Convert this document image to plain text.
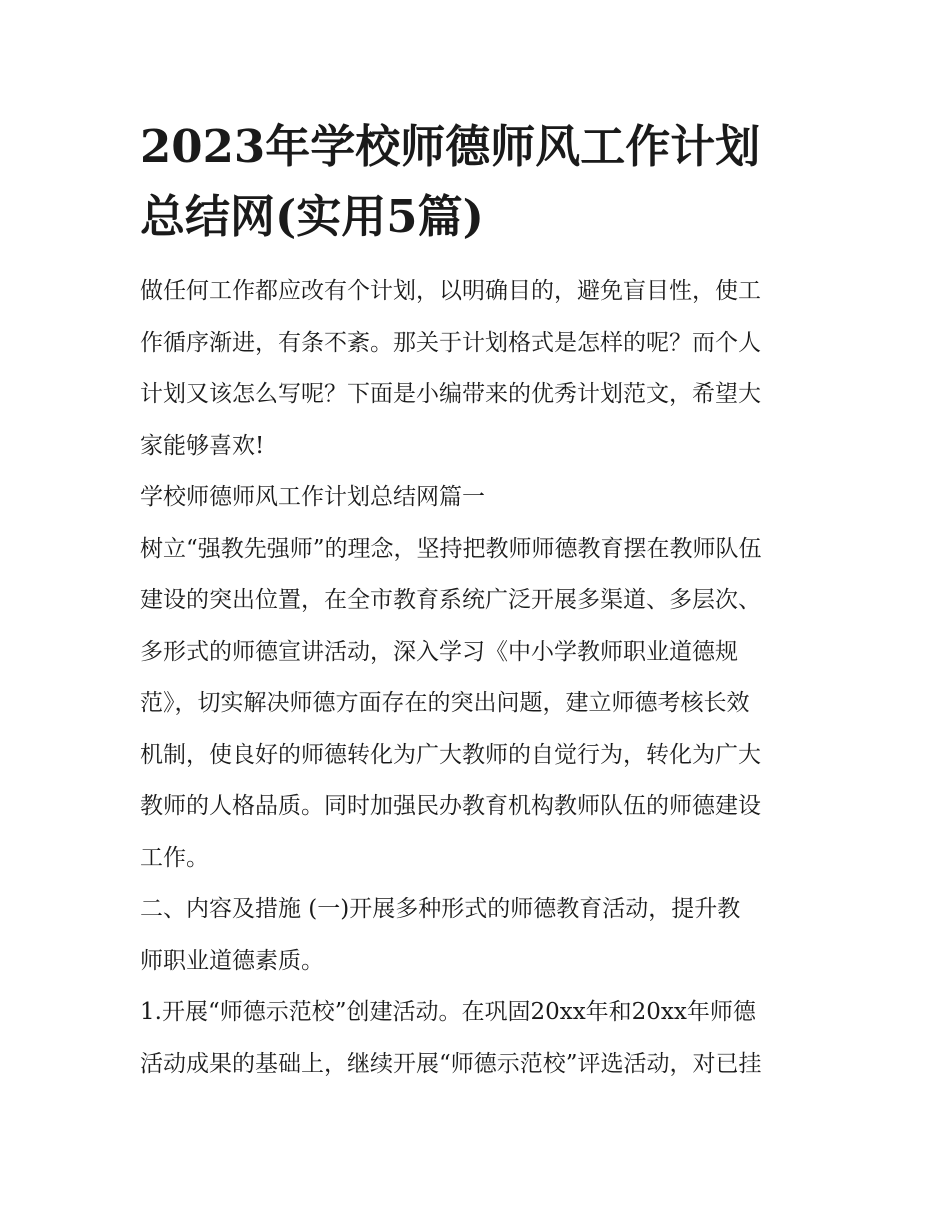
2023年学校师德师风工作计划
总结网(实用5篇)
做任何工作都应改有个计划，以明确目的，避免盲目性，使工
作循序渐进，有条不紊。那关于计划格式是怎样的呢？而个人
计划又该怎么写呢？下面是小编带来的优秀计划范文，希望大
家能够喜欢!
学校师德师风工作计划总结网篇一
树立“强教先强师”的理念，坚持把教师师德教育摆在教师队伍
建设的突出位置，在全市教育系统广泛开展多渠道、多层次、
多形式的师德宣讲活动，深入学习《中小学教师职业道德规
范》，切实解决师德方面存在的突出问题，建立师德考核长效
机制，使良好的师德转化为广大教师的自觉行为，转化为广大
教师的人格品质。同时加强民办教育机构教师队伍的师德建设
工作。
二、内容及措施 (一)开展多种形式的师德教育活动，提升教
师职业道德素质。
1.开展“师德示范校”创建活动。在巩固20xx年和20xx年师德
活动成果的基础上，继续开展“师德示范校”评选活动，对已挂
